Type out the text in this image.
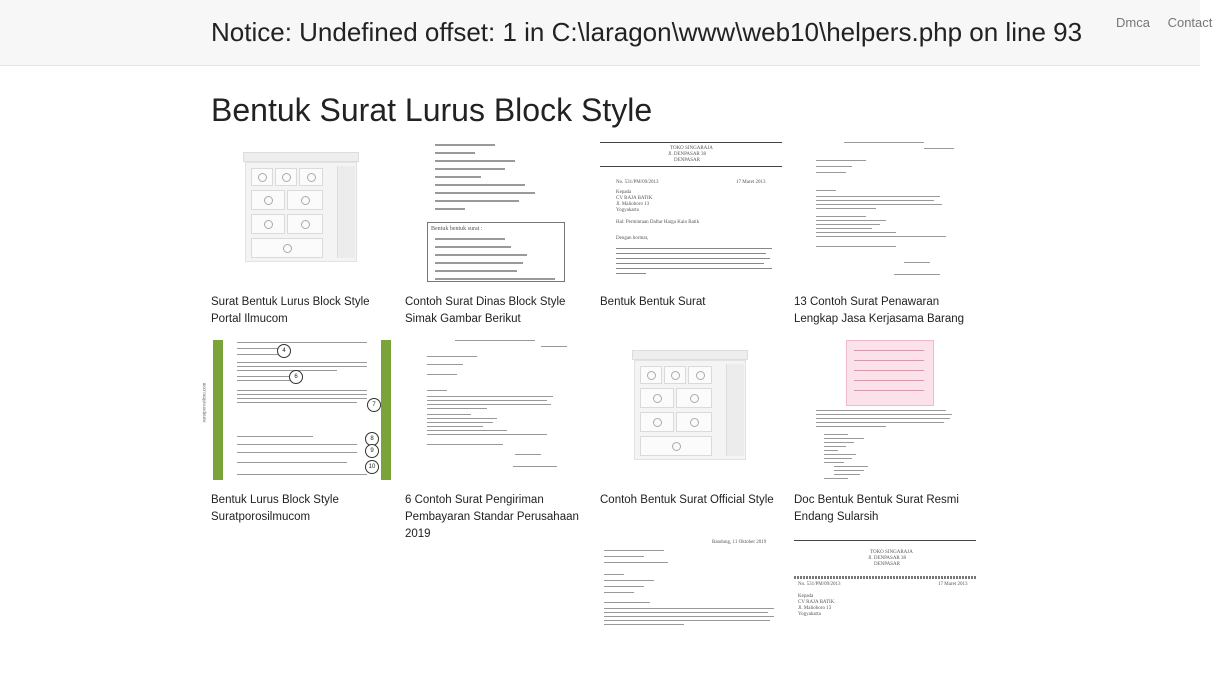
Notice: Undefined offset: 1 in C:\laragon\www\web10\helpers.php on line 93	Dmca Contact
Bentuk Surat Lurus Block Style
Surat Bentuk Lurus Block Style Portal Ilmucom
Bentuk bentuk surat :
Contoh Surat Dinas Block Style Simak Gambar Berikut
TOKO SINGARAJA
Jl. DENPASAR 38
DENPASAR
No. 531/PM/09/2013	17 Maret 2013
Kepada
CV RAJA BATIK
Jl. Malioboro 13
Yogyakarta
Hal: Permintaan Daftar Harga Kain Batik
Dengan hormat,
Bentuk Bentuk Surat	13 Contoh Surat Penawaran Lengkap Jasa Kerjasama Barang
suratporosilmu.com
4
6
7
8
9
10
Bentuk Lurus Block Style Suratporosilmucom
6 Contoh Surat Pengiriman Pembayaran Standar Perusahaan 2019
Contoh Bentuk Surat Official Style	Doc Bentuk Bentuk Surat Resmi Endang Sularsih
Bandung, 11 Oktober 2019
TOKO SINGARAJA
Jl. DENPASAR 38
DENPASAR
No. 531/PM/09/2013	17 Maret 2013
Kepada
CV RAJA BATIK
Jl. Malioboro 13
Yogyakarta
